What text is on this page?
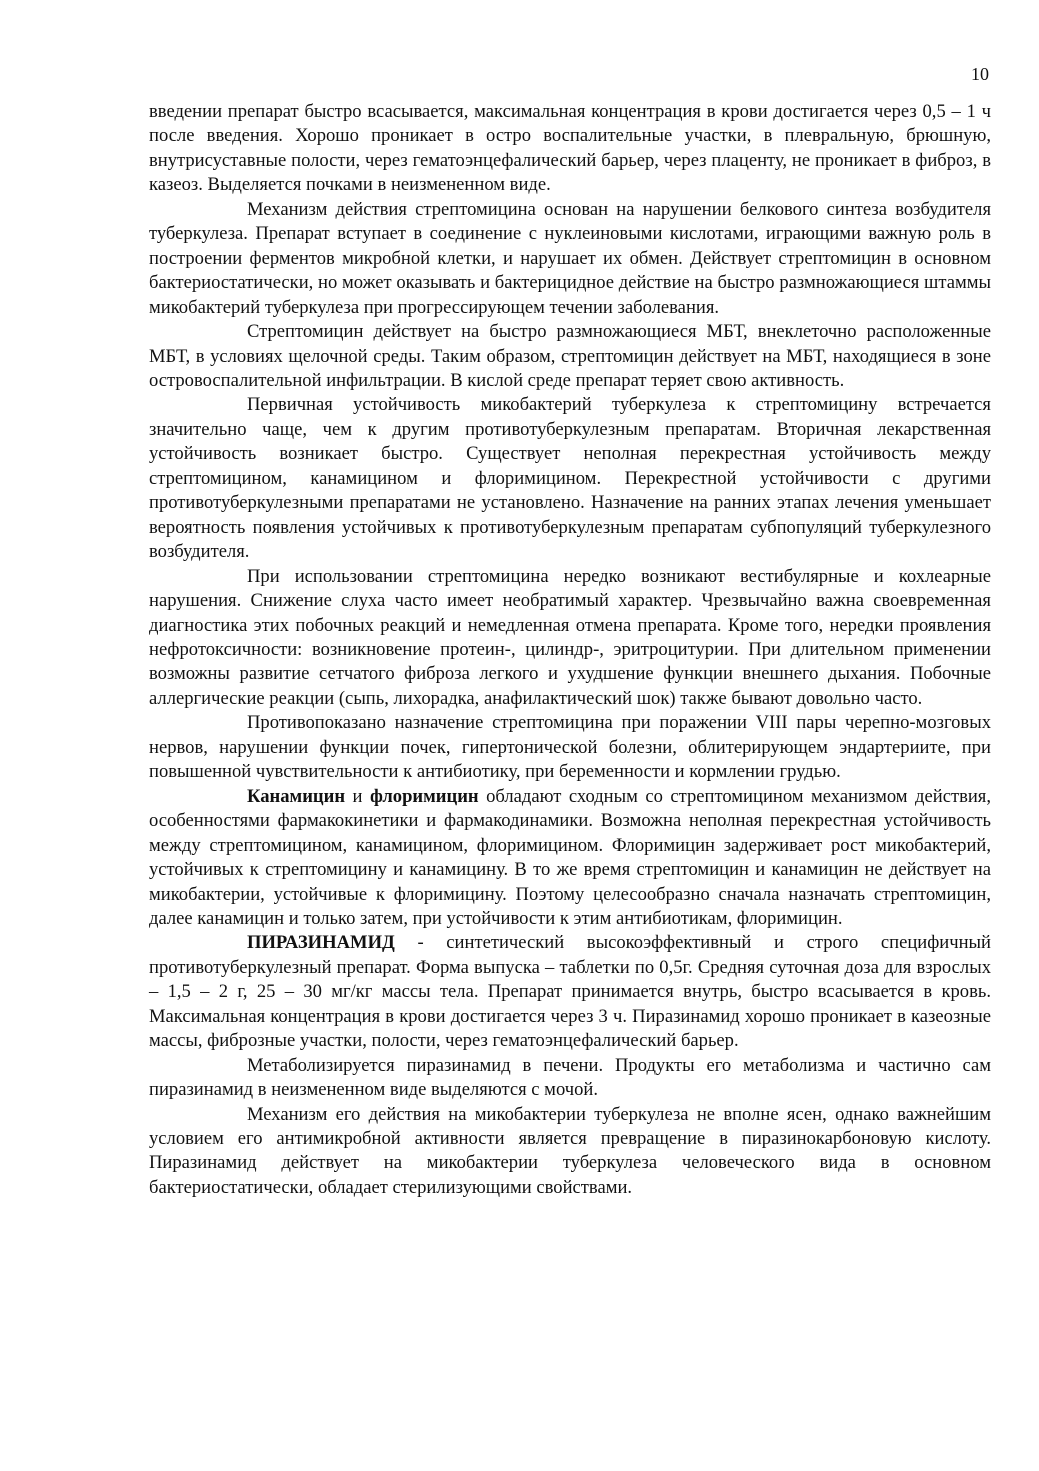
10

введении препарат быстро всасывается, максимальная концентрация в крови достигается через 0,5 – 1 ч после введения. Хорошо проникает в остро воспалительные участки, в плевральную, брюшную, внутрисуставные полости, через гематоэнцефалический барьер, через плаценту, не проникает в фиброз, в казеоз. Выделяется почками в неизмененном виде.

Механизм действия стрептомицина основан на нарушении белкового синтеза возбудителя туберкулеза. Препарат вступает в соединение с нуклеиновыми кислотами, играющими важную роль в построении ферментов микробной клетки, и нарушает их обмен. Действует стрептомицин в основном бактериостатически, но может оказывать и бактерицидное действие на быстро размножающиеся штаммы микобактерий туберкулеза при прогрессирующем течении заболевания.

Стрептомицин действует на быстро размножающиеся МБТ, внеклеточно расположенные МБТ, в условиях щелочной среды. Таким образом, стрептомицин действует на МБТ, находящиеся в зоне островоспалительной инфильтрации. В кислой среде препарат теряет свою активность.

Первичная устойчивость микобактерий туберкулеза к стрептомицину встречается значительно чаще, чем к другим противотуберкулезным препаратам. Вторичная лекарственная устойчивость возникает быстро. Существует неполная перекрестная устойчивость между стрептомицином, канамицином и флоримицином. Перекрестной устойчивости с другими противотуберкулезными препаратами не установлено. Назначение на ранних этапах лечения уменьшает вероятность появления устойчивых к противотуберкулезным препаратам субпопуляций туберкулезного возбудителя.

При использовании стрептомицина нередко возникают вестибулярные и кохлеарные нарушения. Снижение слуха часто имеет необратимый характер. Чрезвычайно важна своевременная диагностика этих побочных реакций и немедленная отмена препарата. Кроме того, нередки проявления нефротоксичности: возникновение протеин-, цилиндр-, эритроцитурии. При длительном применении возможны развитие сетчатого фиброза легкого и ухудшение функции внешнего дыхания. Побочные аллергические реакции (сыпь, лихорадка, анафилактический шок) также бывают довольно часто.

Противопоказано назначение стрептомицина при поражении VIII пары черепно-мозговых нервов, нарушении функции почек, гипертонической болезни, облитерирующем эндартериите, при повышенной чувствительности к антибиотику, при беременности и кормлении грудью.

Канамицин и флоримицин обладают сходным со стрептомицином механизмом действия, особенностями фармакокинетики и фармакодинамики. Возможна неполная перекрестная устойчивость между стрептомицином, канамицином, флоримицином. Флоримицин задерживает рост микобактерий, устойчивых к стрептомицину и канамицину. В то же время стрептомицин и канамицин не действует на микобактерии, устойчивые к флоримицину. Поэтому целесообразно сначала назначать стрептомицин, далее канамицин и только затем, при устойчивости к этим антибиотикам, флоримицин.

ПИРАЗИНАМИД - синтетический высокоэффективный и строго специфичный противотуберкулезный препарат. Форма выпуска – таблетки по 0,5г. Средняя суточная доза для взрослых – 1,5 – 2 г, 25 – 30 мг/кг массы тела. Препарат принимается внутрь, быстро всасывается в кровь. Максимальная концентрация в крови достигается через 3 ч. Пиразинамид хорошо проникает в казеозные массы, фиброзные участки, полости, через гематоэнцефалический барьер.

Метаболизируется пиразинамид в печени. Продукты его метаболизма и частично сам пиразинамид в неизмененном виде выделяются с мочой.

Механизм его действия на микобактерии туберкулеза не вполне ясен, однако важнейшим условием его антимикробной активности является превращение в пиразинокарбоновую кислоту. Пиразинамид действует на микобактерии туберкулеза человеческого вида в основном бактериостатически, обладает стерилизующими свойствами.
